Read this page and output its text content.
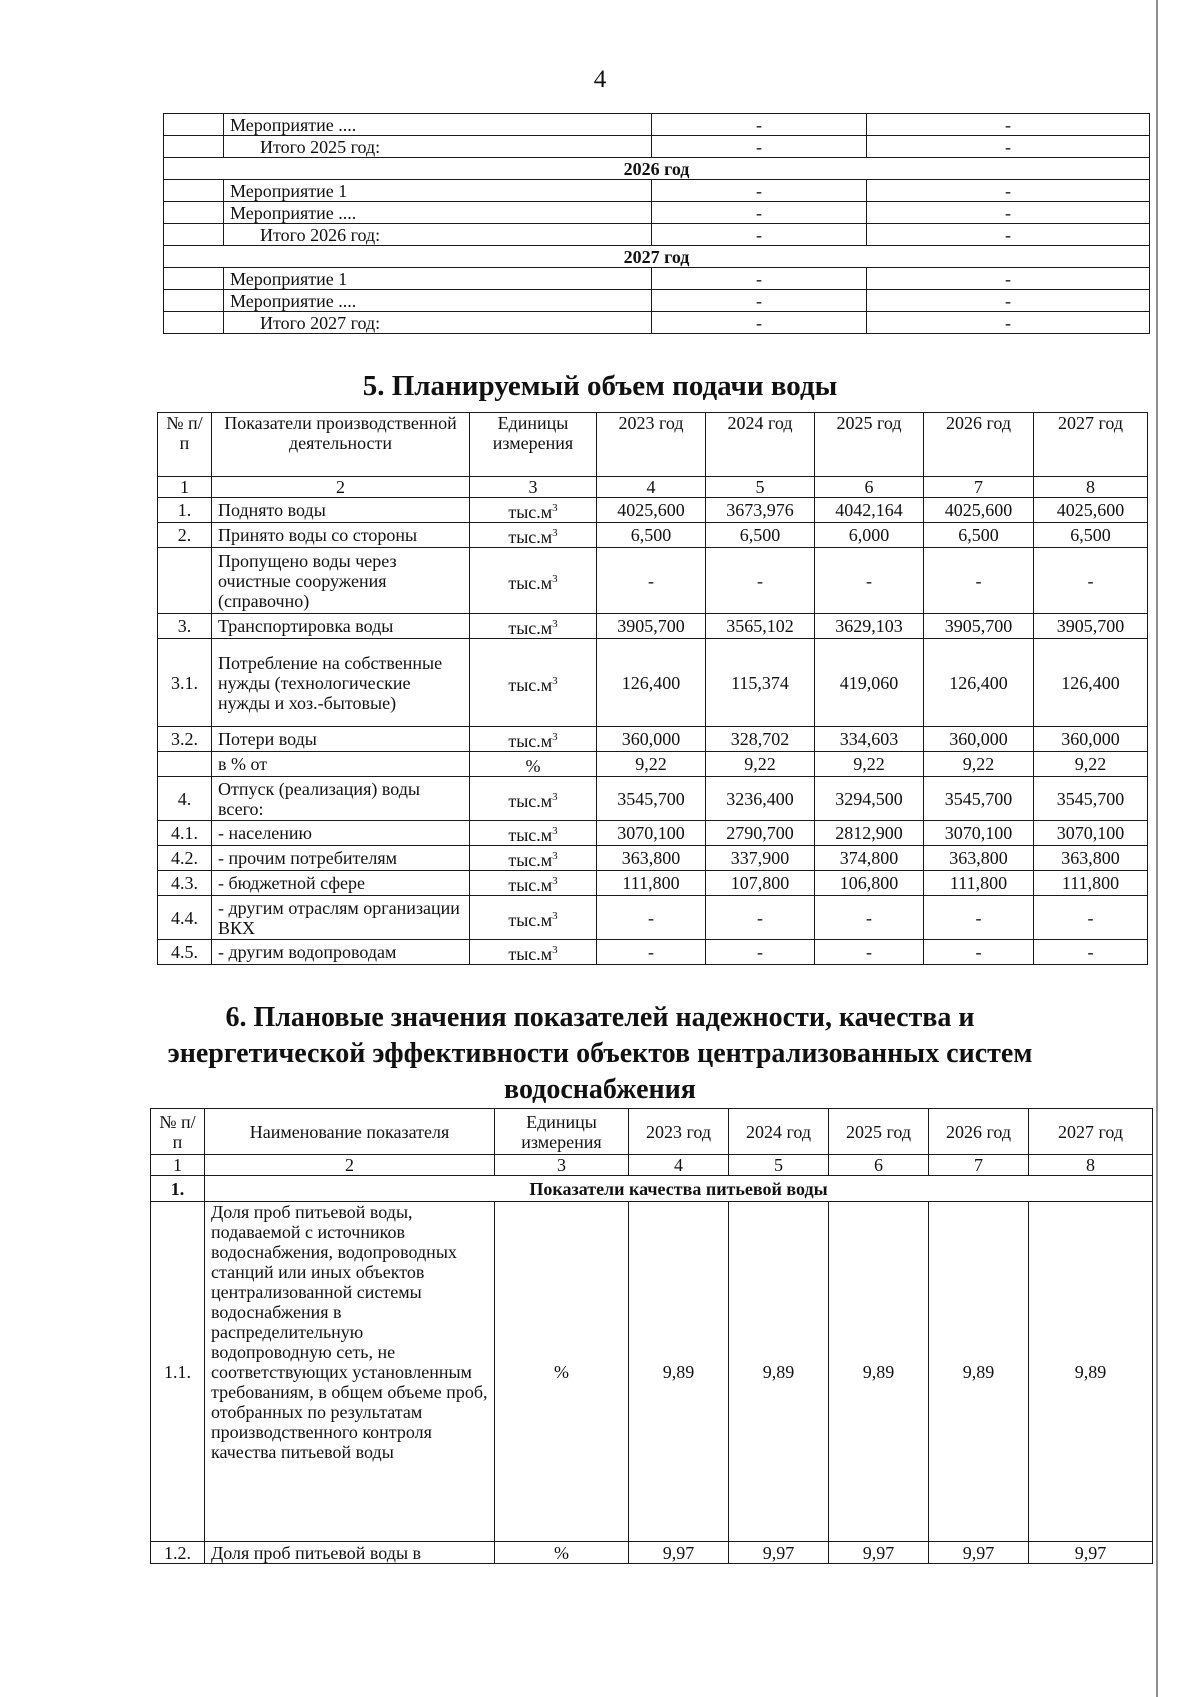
4
	Мероприятие ....	-	-
	Итого 2025 год:	-	-
2026 год			
	Мероприятие 1	-	-
	Мероприятие ....	-	-
	Итого 2026 год:	-	-
2027 год			
	Мероприятие 1	-	-
	Мероприятие ....	-	-
	Итого 2027 год:	-	-
5. Планируемый объем подачи воды
№ п/п	Показатели производственной деятельности	Единицы измерения	2023 год	2024 год	2025 год	2026 год	2027 год
1	2	3	4	5	6	7	8
1.	Поднято воды	$тыс.м^3$	4025,600	3673,976	4042,164	4025,600	4025,600
2.	Принято воды со стороны	$тыс.м^3$	6,500	6,500	6,000	6,500	6,500
	Пропущено воды через очистные сооружения (справочно)	$тыс.м^3$	-	-	-	-	-
3.	Транспортировка воды	$тыс.м^3$	3905,700	3565,102	3629,103	3905,700	3905,700
3.1.	Потребление на собственные нужды (технологические нужды и хоз.-бытовые)	$тыс.м^3$	126,400	115,374	419,060	126,400	126,400
3.2.	Потери воды	$тыс.м^3$	360,000	328,702	334,603	360,000	360,000
	в % от	%	9,22	9,22	9,22	9,22	9,22
4.	Отпуск (реализация) воды всего:	$тыс.м^3$	3545,700	3236,400	3294,500	3545,700	3545,700
4.1.	- населению	$тыс.м^3$	3070,100	2790,700	2812,900	3070,100	3070,100
4.2.	- прочим потребителям	$тыс.м^3$	363,800	337,900	374,800	363,800	363,800
4.3.	- бюджетной сфере	$тыс.м^3$	111,800	107,800	106,800	111,800	111,800
4.4.	- другим отраслям организации ВКХ	$тыс.м^3$	-	-	-	-	-
4.5.	- другим водопроводам	$тыс.м^3$	-	-	-	-	-
6. Плановые значения показателей надежности, качества и
энергетической эффективности объектов централизованных систем
водоснабжения
№ п/п	Наименование показателя	Единицы измерения	2023 год	2024 год	2025 год	2026 год	2027 год
1	2	3	4	5	6	7	8
1.	Показатели качества питьевой воды						
1.1.	Доля проб питьевой воды, подаваемой с источников водоснабжения, водопроводных станций или иных объектов централизованной системы водоснабжения в распределительную водопроводную сеть, не соответствующих установленным требованиям, в общем объеме проб, отобранных по результатам производственного контроля качества питьевой воды	%	9,89	9,89	9,89	9,89	9,89
1.2.	Доля проб питьевой воды в	%	9,97	9,97	9,97	9,97	9,97
